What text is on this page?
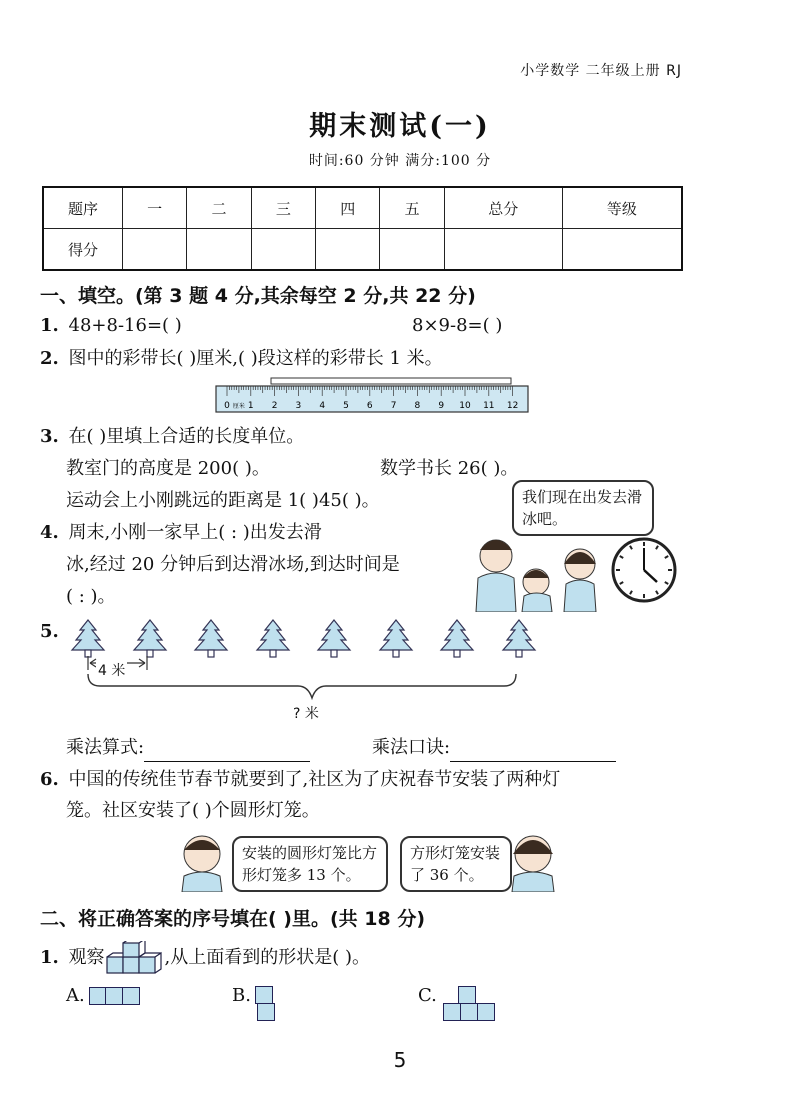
小学数学 二年级上册 RJ
期末测试(一)
时间:60 分钟 满分:100 分
题序	一	二	三	四	五	总分	等级
得分							
一、填空。(第 3 题 4 分,其余每空 2 分,共 22 分)
1. 48+8-16=( )	8×9-8=( )
2. 图中的彩带长( )厘米,( )段这样的彩带长 1 米。
0 1 2 3 4 5 6 7 8 9 10 11 12
厘米
3. 在( )里填上合适的长度单位。
教室门的高度是 200( )。	数学书长 26( )。
运动会上小刚跳远的距离是 1( )45( )。
4. 周末,小刚一家早上( : )出发去滑
冰,经过 20 分钟后到达滑冰场,到达时间是
( : )。
我们现在出发去滑冰吧。
5.
4 米
? 米
乘法算式:	乘法口诀:
6. 中国的传统佳节春节就要到了,社区为了庆祝春节安装了两种灯
笼。社区安装了( )个圆形灯笼。
安装的圆形灯笼比方形灯笼多 13 个。
方形灯笼安装了 36 个。
二、将正确答案的序号填在( )里。(共 18 分)
1. 观察	,从上面看到的形状是( )。
A.	B.	C.
5
